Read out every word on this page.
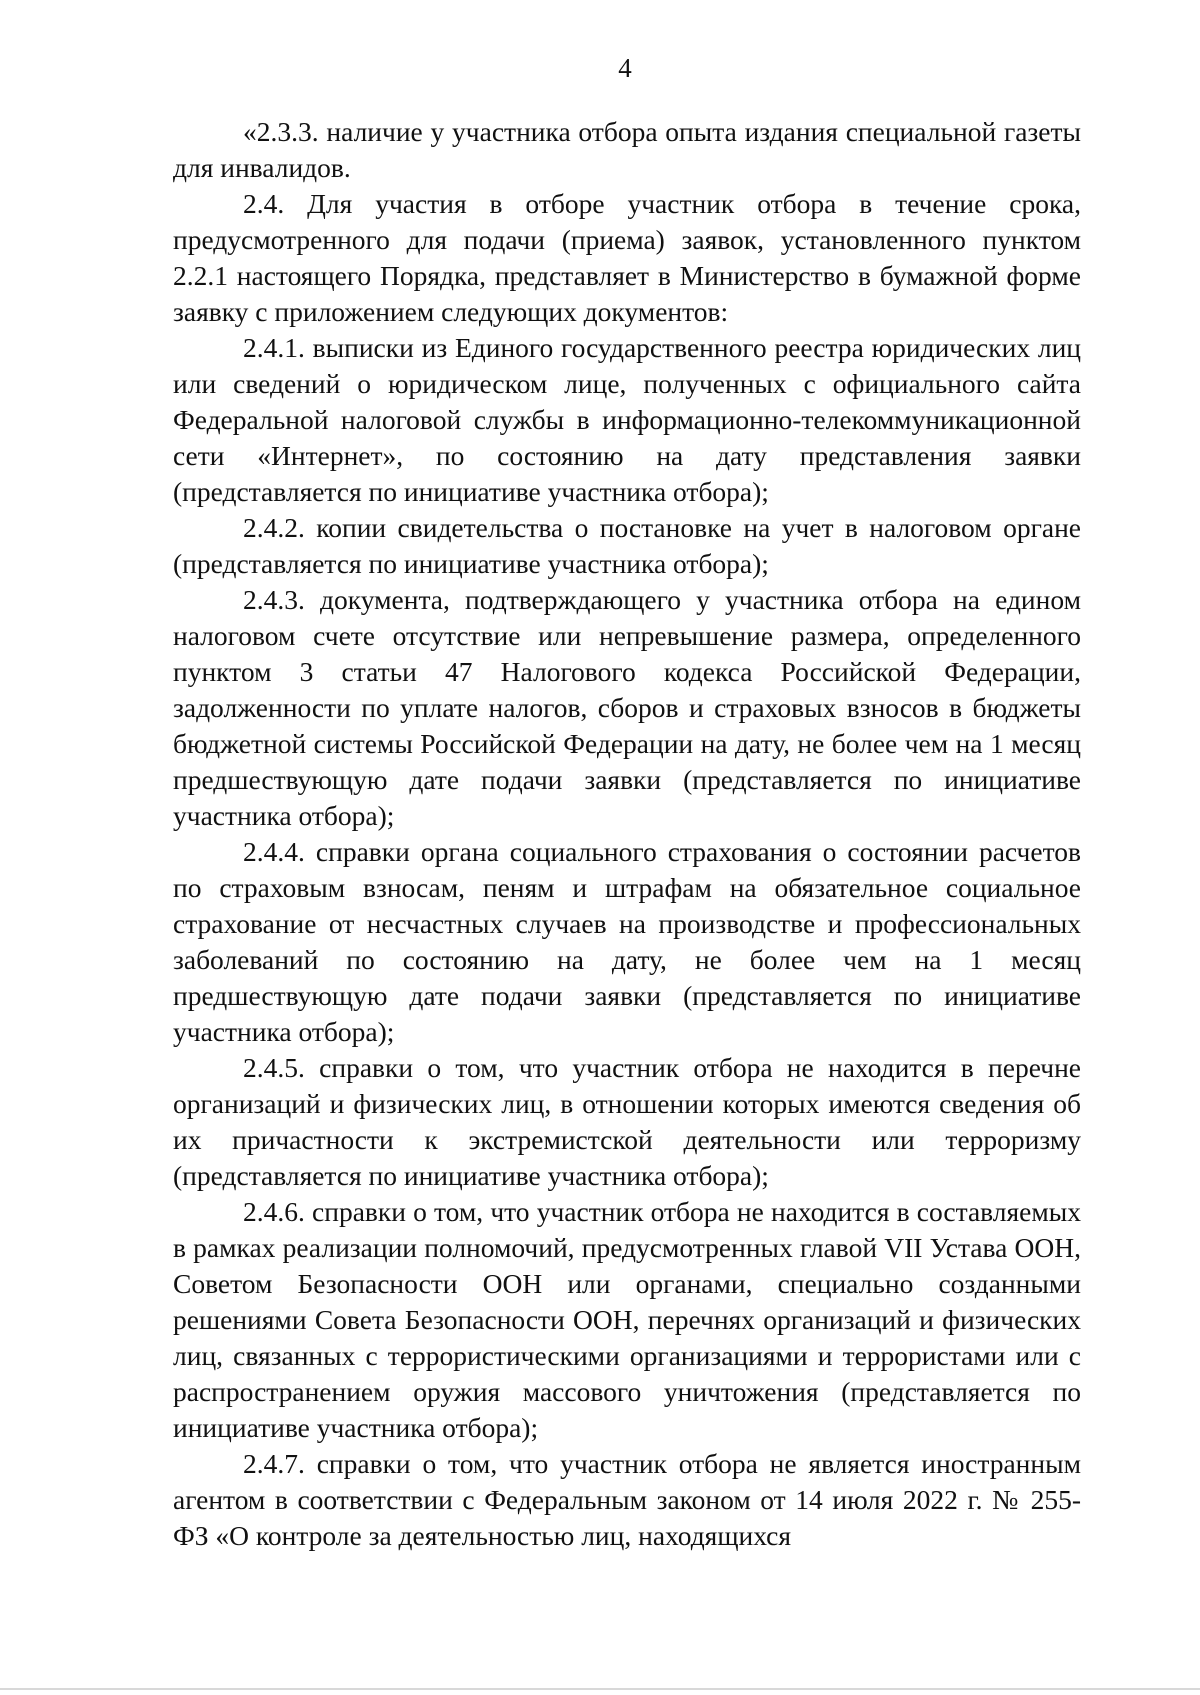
4

«2.3.3. наличие у участника отбора опыта издания специальной газеты для инвалидов.

2.4. Для участия в отборе участник отбора в течение срока, предусмотренного для подачи (приема) заявок, установленного пунктом 2.2.1 настоящего Порядка, представляет в Министерство в бумажной форме заявку с приложением следующих документов:

2.4.1. выписки из Единого государственного реестра юридических лиц или сведений о юридическом лице, полученных с официального сайта Федеральной налоговой службы в информационно-телекоммуникационной сети «Интернет», по состоянию на дату представления заявки (представляется по инициативе участника отбора);

2.4.2. копии свидетельства о постановке на учет в налоговом органе (представляется по инициативе участника отбора);

2.4.3. документа, подтверждающего у участника отбора на едином налоговом счете отсутствие или непревышение размера, определенного пунктом 3 статьи 47 Налогового кодекса Российской Федерации, задолженности по уплате налогов, сборов и страховых взносов в бюджеты бюджетной системы Российской Федерации на дату, не более чем на 1 месяц предшествующую дате подачи заявки (представляется по инициативе участника отбора);

2.4.4. справки органа социального страхования о состоянии расчетов по страховым взносам, пеням и штрафам на обязательное социальное страхование от несчастных случаев на производстве и профессиональных заболеваний по состоянию на дату, не более чем на 1 месяц предшествующую дате подачи заявки (представляется по инициативе участника отбора);

2.4.5. справки о том, что участник отбора не находится в перечне организаций и физических лиц, в отношении которых имеются сведения об их причастности к экстремистской деятельности или терроризму (представляется по инициативе участника отбора);

2.4.6. справки о том, что участник отбора не находится в составляемых в рамках реализации полномочий, предусмотренных главой VII Устава ООН, Советом Безопасности ООН или органами, специально созданными решениями Совета Безопасности ООН, перечнях организаций и физических лиц, связанных с террористическими организациями и террористами или с распространением оружия массового уничтожения (представляется по инициативе участника отбора);

2.4.7. справки о том, что участник отбора не является иностранным агентом в соответствии с Федеральным законом от 14 июля 2022 г. № 255-ФЗ «О контроле за деятельностью лиц, находящихся
